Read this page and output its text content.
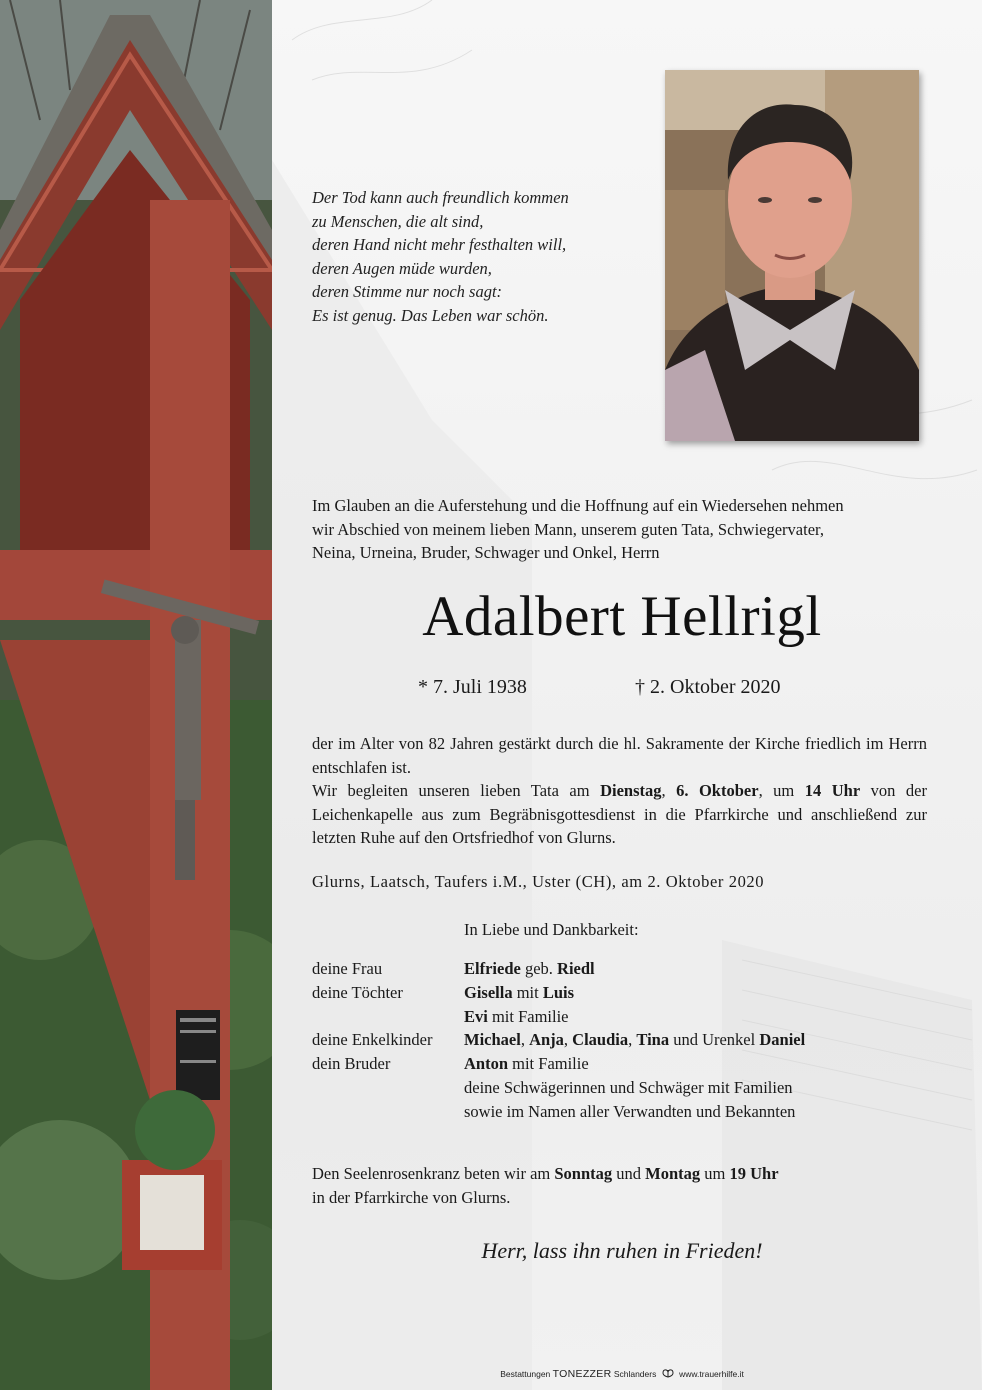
Der Tod kann auch freundlich kommen
zu Menschen, die alt sind,
deren Hand nicht mehr festhalten will,
deren Augen müde wurden,
deren Stimme nur noch sagt:
Es ist genug. Das Leben war schön.
Im Glauben an die Auferstehung und die Hoffnung auf ein Wiedersehen nehmen
wir Abschied von meinem lieben Mann, unserem guten Tata, Schwiegervater,
Neina, Urneina, Bruder, Schwager und Onkel, Herrn
Adalbert Hellrigl
* 7. Juli 1938	† 2. Oktober 2020

der im Alter von 82 Jahren gestärkt durch die hl. Sakramente der Kirche friedlich im Herrn entschlafen ist.

Wir begleiten unseren lieben Tata am Dienstag, 6. Oktober, um 14 Uhr von der Leichenkapelle aus zum Begräbnisgottesdienst in die Pfarrkirche und anschließend zur letzten Ruhe auf den Ortsfriedhof von Glurns.

Glurns, Laatsch, Taufers i.M., Uster (CH), am 2. Oktober 2020
In Liebe und Dankbarkeit:
deine Frau	Elfriede geb. Riedl
deine Töchter	Gisella mit Luis
Evi mit Familie
deine Enkelkinder Michael, Anja, Claudia, Tina und Urenkel Daniel
dein Bruder	Anton mit Familie
deine Schwägerinnen und Schwäger mit Familien
sowie im Namen aller Verwandten und Bekannten
Den Seelenrosenkranz beten wir am Sonntag und Montag um 19 Uhr
in der Pfarrkirche von Glurns.
Herr, lass ihn ruhen in Frieden!
Bestattungen TONEZZER Schlanders	www.trauerhilfe.it
